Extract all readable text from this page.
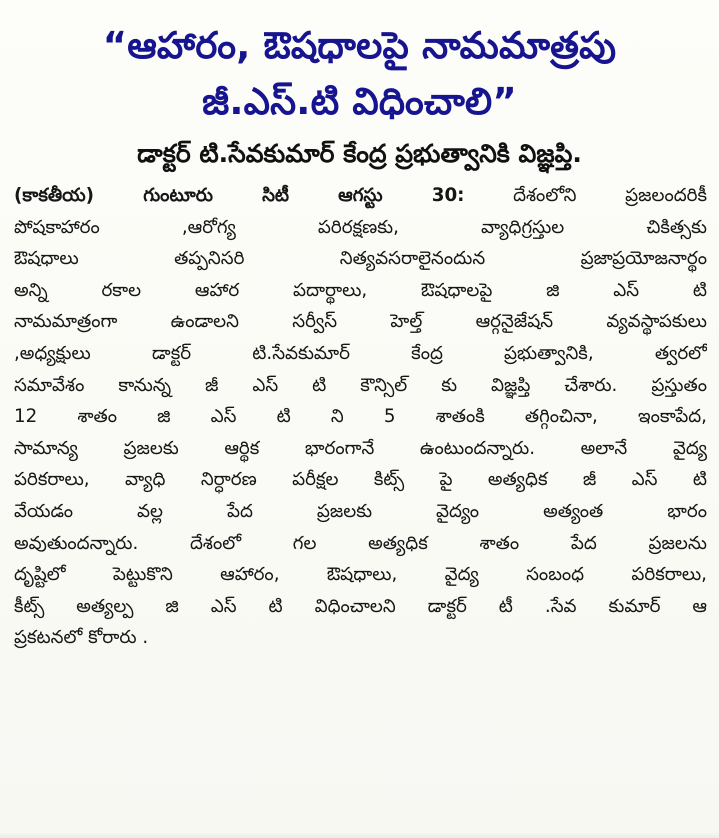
“ఆహారం, ఔషధాలపై నామమాత్రపు
జీ.ఎస్.టి విధించాలి”
డాక్టర్ టి.సేవకుమార్ కేంద్ర ప్రభుత్వానికి విజ్ఞప్తి.
(కాకతీయ) గుంటూరు సిటీ ఆగస్టు 30: దేశంలోని ప్రజలందరికీ
పోషకాహారం ,ఆరోగ్య పరిరక్షణకు, వ్యాధిగ్రస్తుల చికిత్సకు
ఔషధాలు తప్పనిసరి నిత్యవసరాలైనందున ప్రజాప్రయోజనార్థం
అన్ని రకాల ఆహార పదార్థాలు, ఔషధాలపై జి ఎస్ టి
నామమాత్రంగా ఉండాలని సర్వీస్ హెల్త్ ఆర్గనైజేషన్ వ్యవస్థాపకులు
,అధ్యక్షులు డాక్టర్ టి.సేవకుమార్ కేంద్ర ప్రభుత్వానికి, త్వరలో
సమావేశం కానున్న జీ ఎస్ టి కౌన్సిల్ కు విజ్ఞప్తి చేశారు. ప్రస్తుతం
12 శాతం జి ఎస్ టి ని 5 శాతంకి తగ్గించినా, ఇంకాపేద,
సామాన్య ప్రజలకు ఆర్థిక భారంగానే ఉంటుందన్నారు. అలానే వైద్య
పరికరాలు, వ్యాధి నిర్ధారణ పరీక్షల కిట్స్ పై అత్యధిక జీ ఎస్ టి
వేయడం వల్ల పేద ప్రజలకు వైద్యం అత్యంత భారం
అవుతుందన్నారు. దేశంలో గల అత్యధిక శాతం పేద ప్రజలను
దృష్టిలో పెట్టుకొని ఆహారం, ఔషధాలు, వైద్య సంబంధ పరికరాలు,
కీట్స్ అత్యల్ప జి ఎస్ టి విధించాలని డాక్టర్ టీ .సేవ కుమార్ ఆ
ప్రకటనలో కోరారు .
